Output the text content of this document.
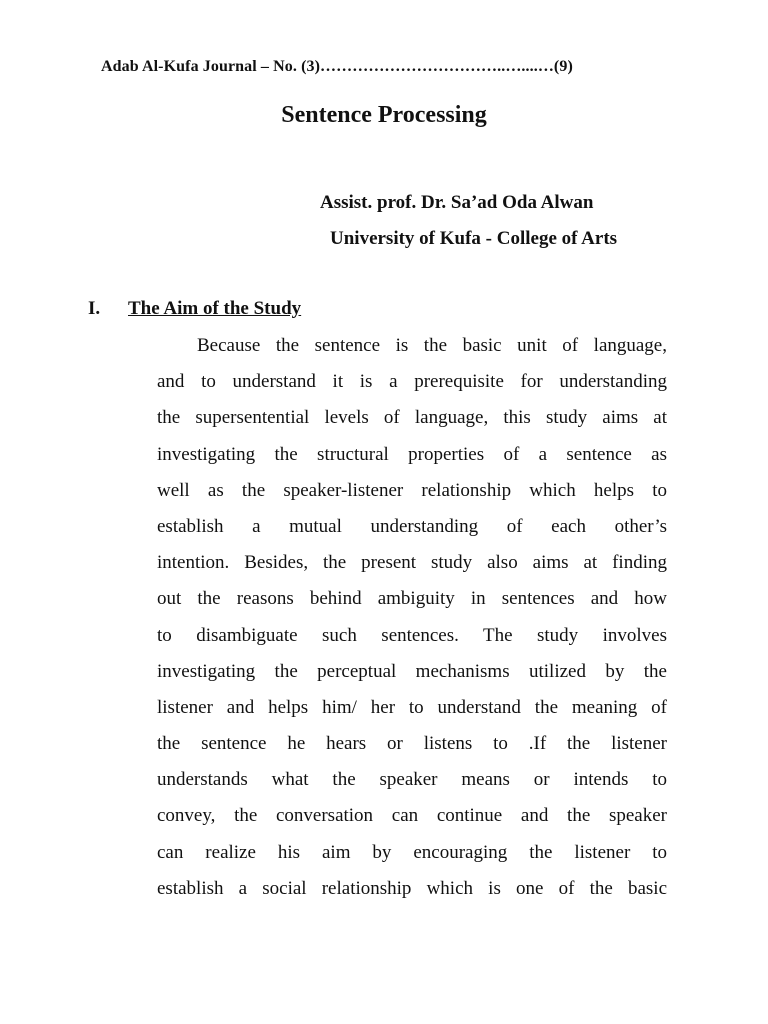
Adab Al-Kufa Journal – No. (3)……………………………..…....…(9)
Sentence Processing
Assist. prof. Dr. Sa’ad Oda Alwan
University of Kufa - College of Arts
I. The Aim of the Study
Because the sentence is the basic unit of language,
and to understand it is a prerequisite for understanding
the supersentential levels of language, this study aims at
investigating the structural properties of a sentence as
well as the speaker-listener relationship which helps to
establish a mutual understanding of each other’s
intention. Besides, the present study also aims at finding
out the reasons behind ambiguity in sentences and how
to disambiguate such sentences. The study involves
investigating the perceptual mechanisms utilized by the
listener and helps him/ her to understand the meaning of
the sentence he hears or listens to .If the listener
understands what the speaker means or intends to
convey, the conversation can continue and the speaker
can realize his aim by encouraging the listener to
establish a social relationship which is one of the basic
